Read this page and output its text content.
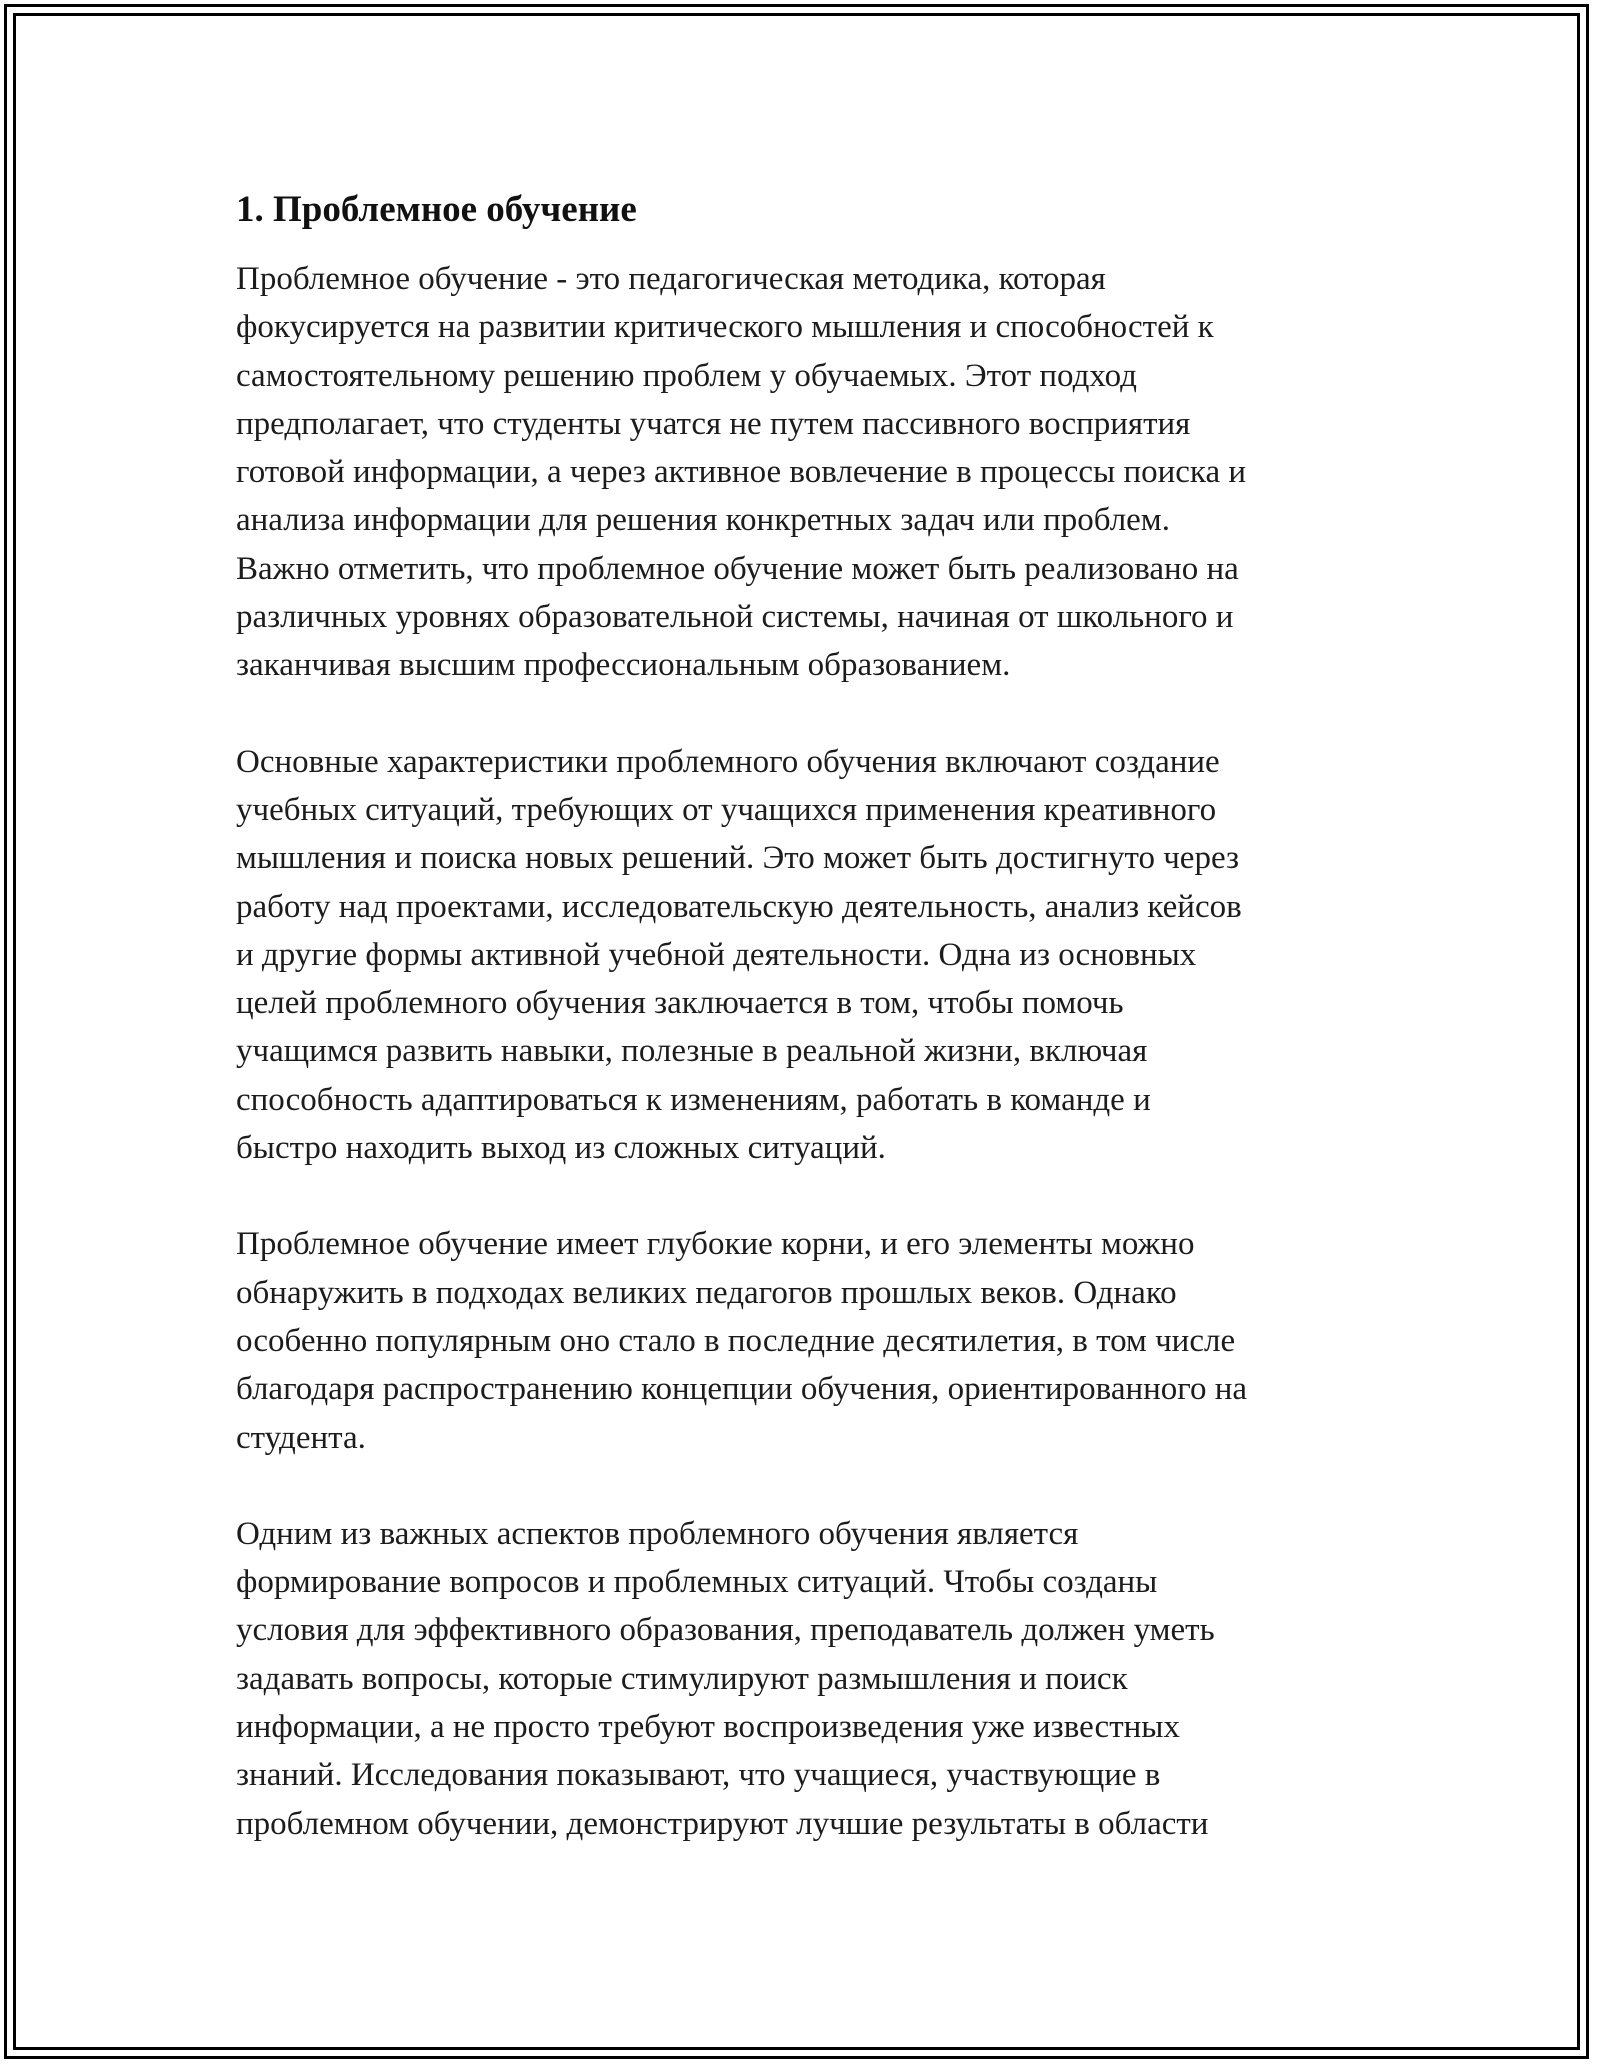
1. Проблемное обучение

Проблемное обучение - это педагогическая методика, которая
фокусируется на развитии критического мышления и способностей к
самостоятельному решению проблем у обучаемых. Этот подход
предполагает, что студенты учатся не путем пассивного восприятия
готовой информации, а через активное вовлечение в процессы поиска и
анализа информации для решения конкретных задач или проблем.
Важно отметить, что проблемное обучение может быть реализовано на
различных уровнях образовательной системы, начиная от школьного и
заканчивая высшим профессиональным образованием.

Основные характеристики проблемного обучения включают создание
учебных ситуаций, требующих от учащихся применения креативного
мышления и поиска новых решений. Это может быть достигнуто через
работу над проектами, исследовательскую деятельность, анализ кейсов
и другие формы активной учебной деятельности. Одна из основных
целей проблемного обучения заключается в том, чтобы помочь
учащимся развить навыки, полезные в реальной жизни, включая
способность адаптироваться к изменениям, работать в команде и
быстро находить выход из сложных ситуаций.

Проблемное обучение имеет глубокие корни, и его элементы можно
обнаружить в подходах великих педагогов прошлых веков. Однако
особенно популярным оно стало в последние десятилетия, в том числе
благодаря распространению концепции обучения, ориентированного на
студента.

Одним из важных аспектов проблемного обучения является
формирование вопросов и проблемных ситуаций. Чтобы созданы
условия для эффективного образования, преподаватель должен уметь
задавать вопросы, которые стимулируют размышления и поиск
информации, а не просто требуют воспроизведения уже известных
знаний. Исследования показывают, что учащиеся, участвующие в
проблемном обучении, демонстрируют лучшие результаты в области
